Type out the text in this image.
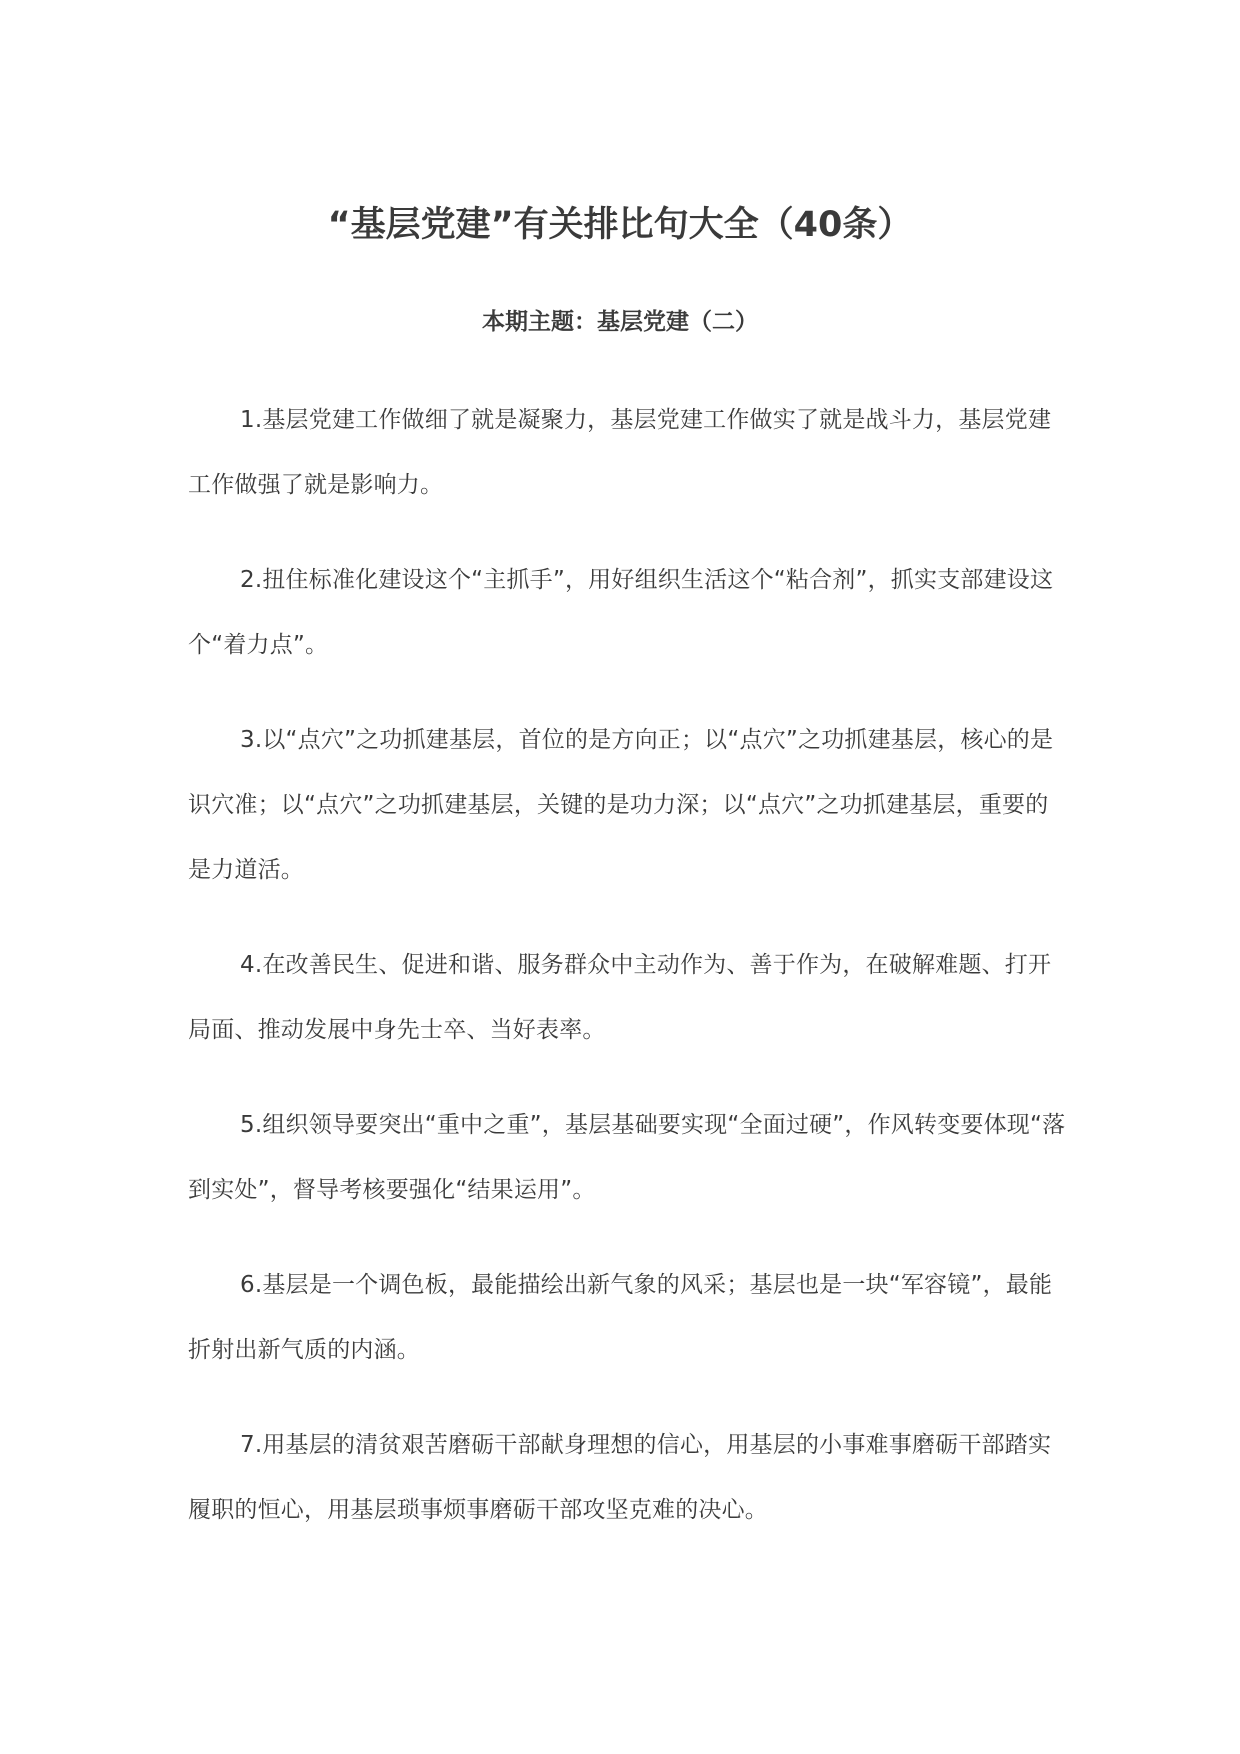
“基层党建”有关排比句大全（40条）
本期主题：基层党建（二）

1.基层党建工作做细了就是凝聚力，基层党建工作做实了就是战斗力，基层党建工作做强了就是影响力。

2.扭住标准化建设这个“主抓手”，用好组织生活这个“粘合剂”，抓实支部建设这个“着力点”。

3.以“点穴”之功抓建基层，首位的是方向正；以“点穴”之功抓建基层，核心的是识穴准；以“点穴”之功抓建基层，关键的是功力深；以“点穴”之功抓建基层，重要的是力道活。

4.在改善民生、促进和谐、服务群众中主动作为、善于作为，在破解难题、打开局面、推动发展中身先士卒、当好表率。

5.组织领导要突出“重中之重”，基层基础要实现“全面过硬”，作风转变要体现“落到实处”，督导考核要强化“结果运用”。

6.基层是一个调色板，最能描绘出新气象的风采；基层也是一块“军容镜”，最能折射出新气质的内涵。

7.用基层的清贫艰苦磨砺干部献身理想的信心，用基层的小事难事磨砺干部踏实履职的恒心，用基层琐事烦事磨砺干部攻坚克难的决心。
